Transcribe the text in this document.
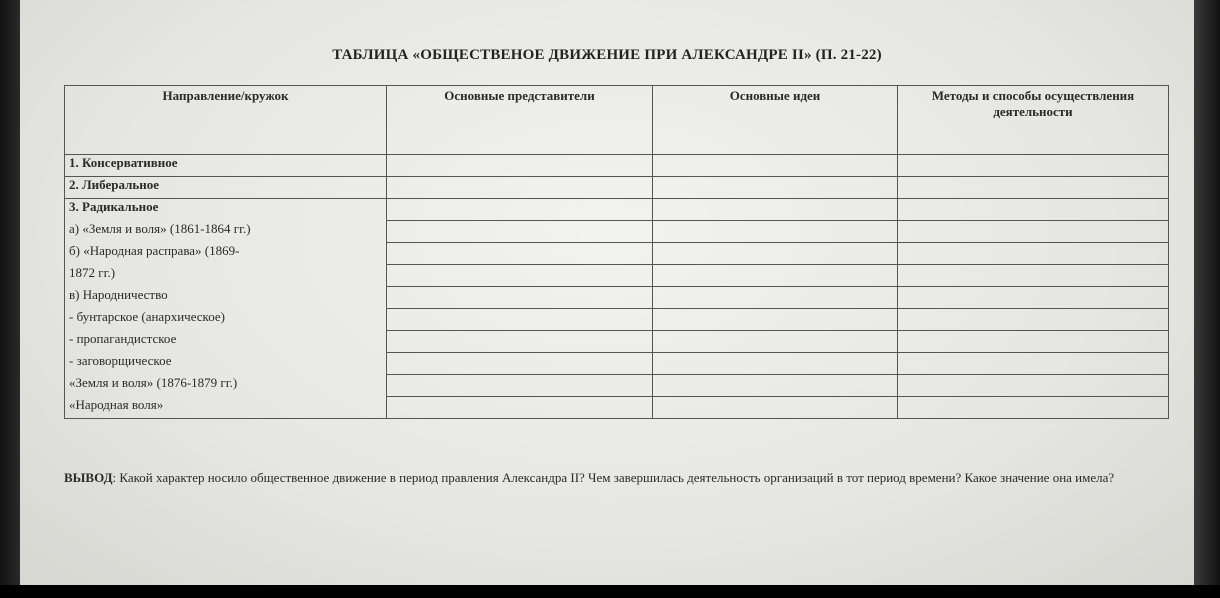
ТАБЛИЦА «ОБЩЕСТВЕНОЕ ДВИЖЕНИЕ ПРИ АЛЕКСАНДРЕ II» (П. 21-22)
Направление/кружок	Основные представители	Основные идеи	Методы и способы осуществления деятельности
1. Консервативное			
2. Либеральное			
3. Радикальное			
а) «Земля и воля» (1861-1864 гг.)			
б) «Народная расправа» (1869-			
1872 гг.)			
в) Народничество			
- бунтарское (анархическое)			
- пропагандистское			
- заговорщическое			
«Земля и воля» (1876-1879 гг.)			
«Народная воля»			
ВЫВОД: Какой характер носило общественное движение в период правления Александра II? Чем завершилась деятельность организаций в тот период времени? Какое значение она имела?
